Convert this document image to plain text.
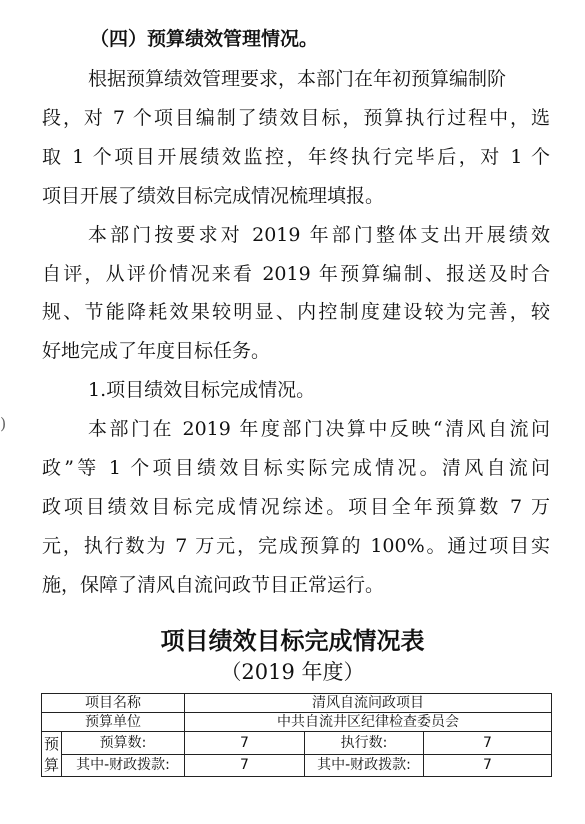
)
（四）预算绩效管理情况。
根据预算绩效管理要求，本部门在年初预算编制阶
段，对 7 个项目编制了绩效目标，预算执行过程中，选
取 1 个项目开展绩效监控，年终执行完毕后，对 1 个
项目开展了绩效目标完成情况梳理填报。
本部门按要求对 2019 年部门整体支出开展绩效
自评，从评价情况来看 2019 年预算编制、报送及时合
规、节能降耗效果较明显、内控制度建设较为完善，较
好地完成了年度目标任务。
1.项目绩效目标完成情况。
本部门在 2019 年度部门决算中反映“清风自流问
政”等 1 个项目绩效目标实际完成情况。清风自流问
政项目绩效目标完成情况综述。项目全年预算数 7 万
元，执行数为 7 万元，完成预算的 100%。通过项目实
施，保障了清风自流问政节目正常运行。
项目绩效目标完成情况表
（2019 年度）
项目名称		清风自流问政项目		
预算单位		中共自流井区纪律检查委员会		
预算	预算数:	7	执行数:	7
	其中-财政拨款:	7	其中-财政拨款:	7
